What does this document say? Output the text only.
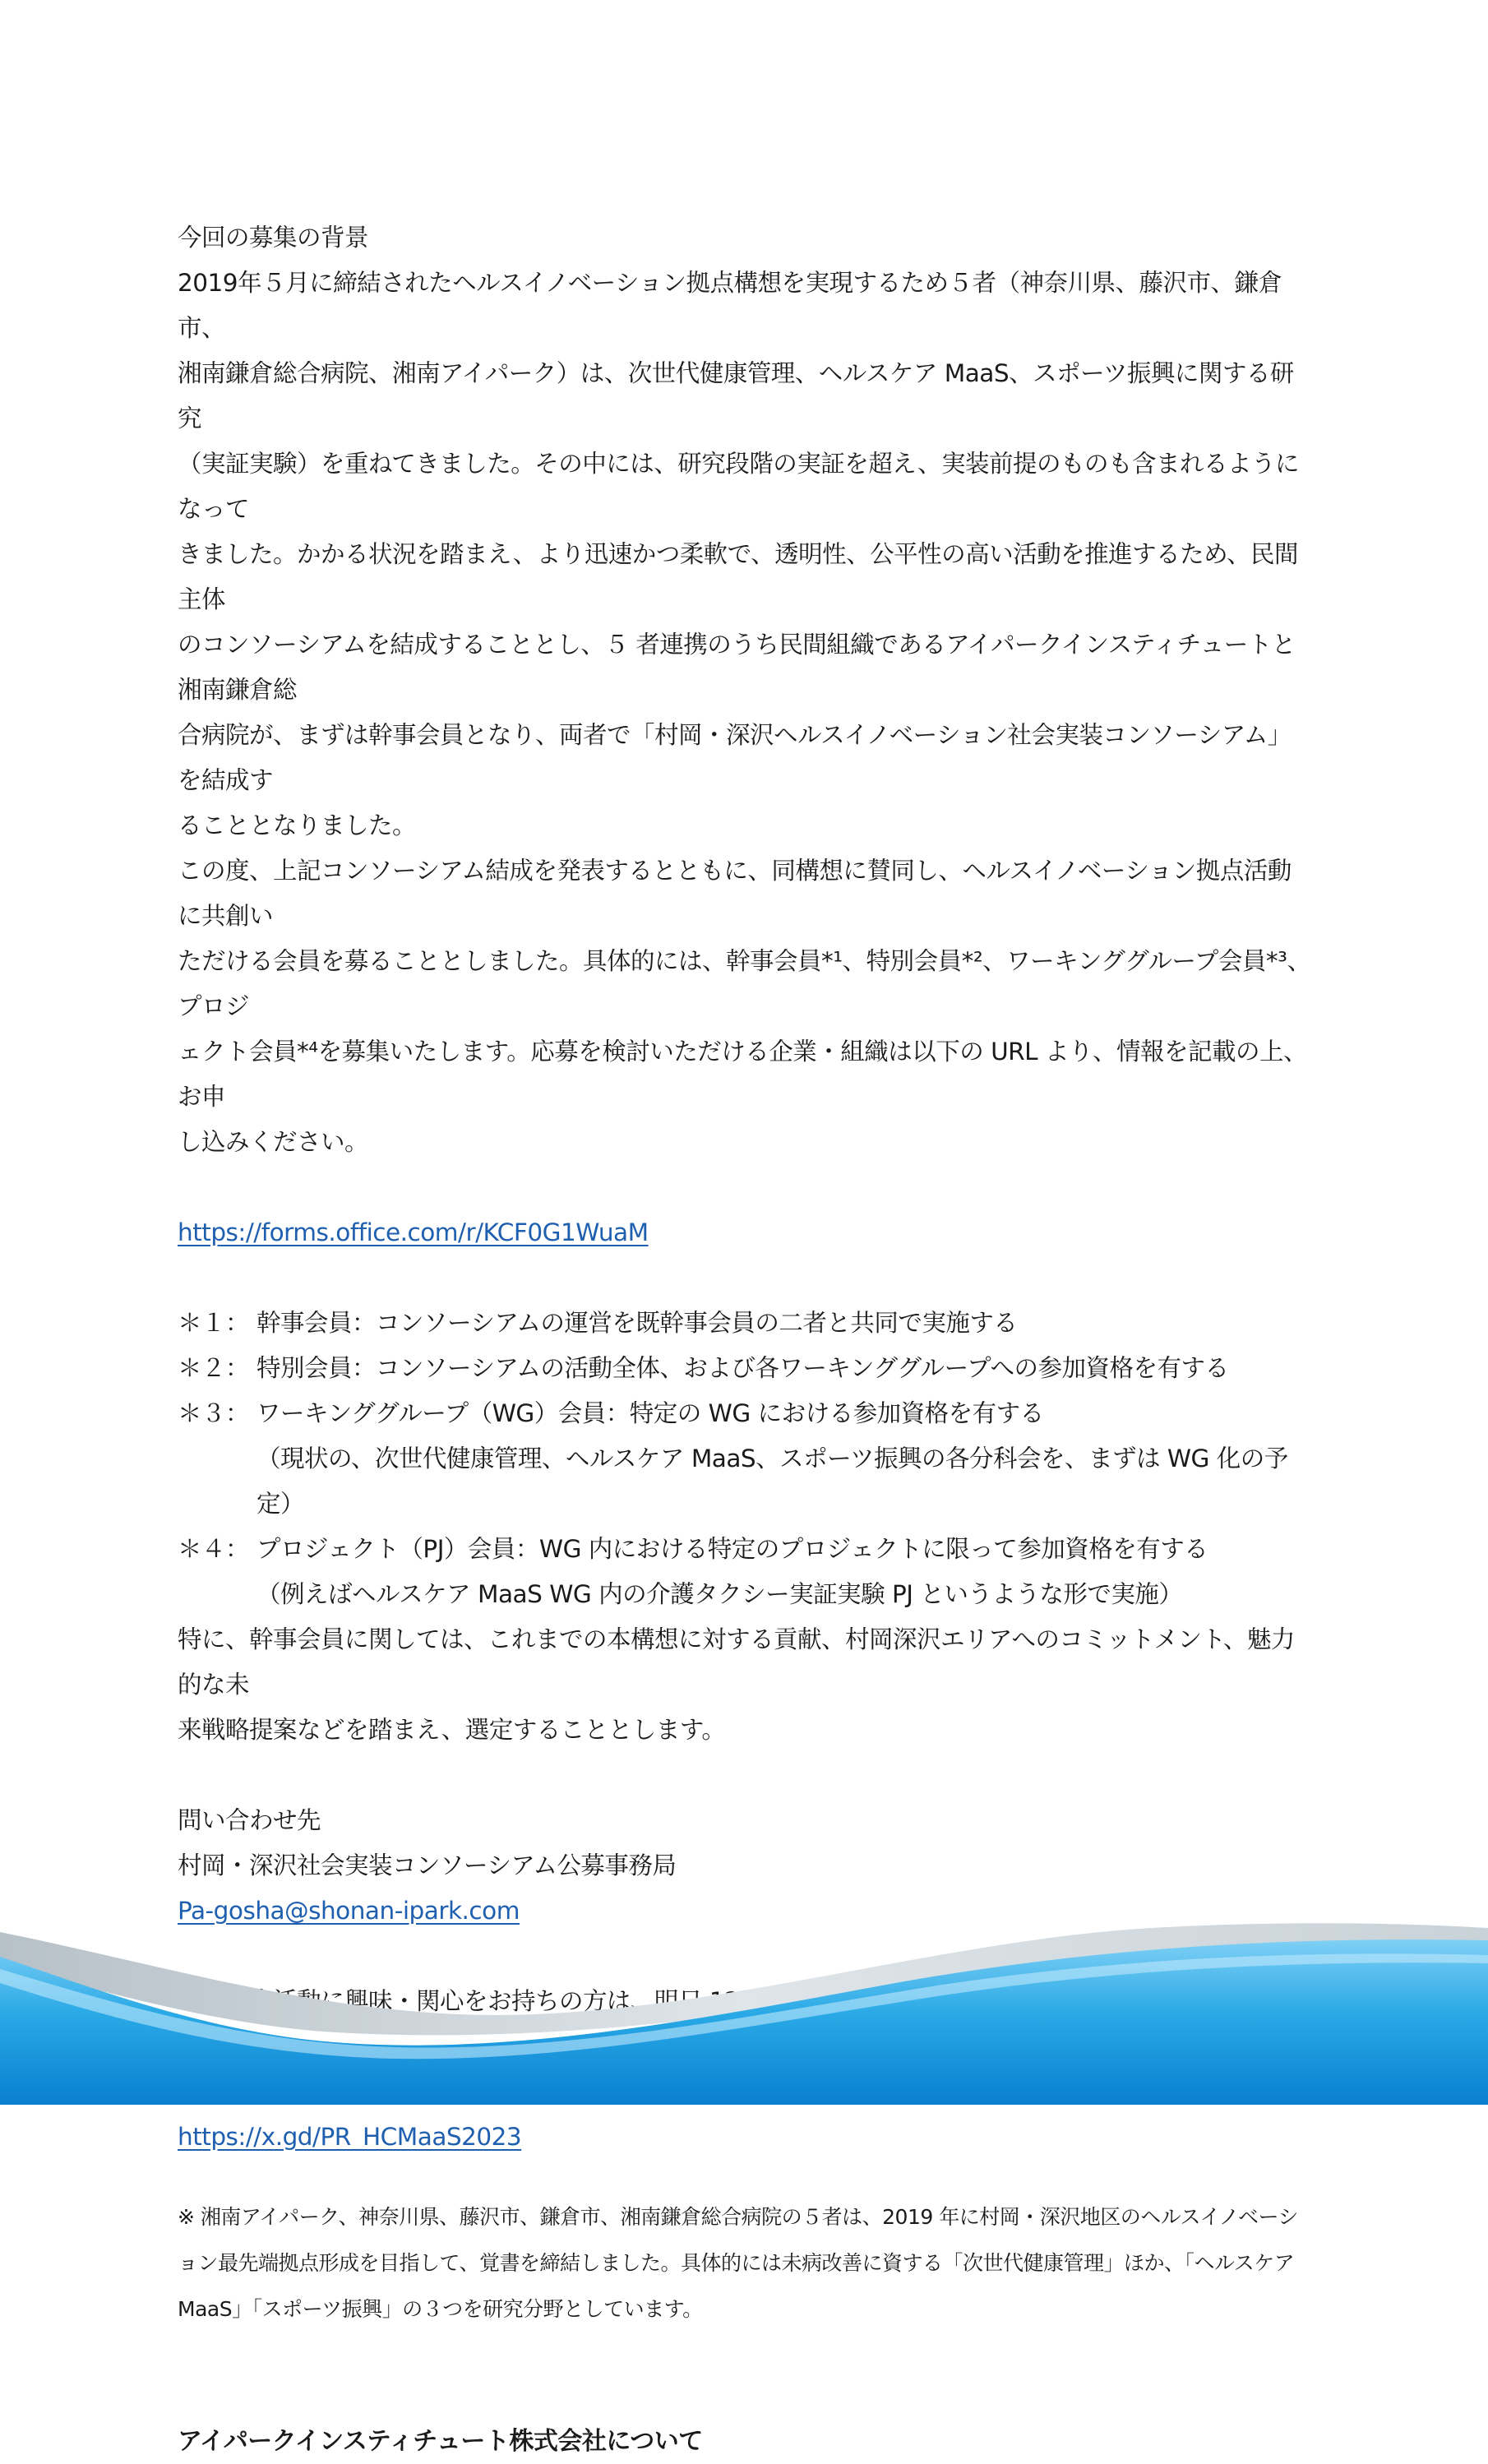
今回の募集の背景

2019年５月に締結されたヘルスイノベーション拠点構想を実現するため５者（神奈川県、藤沢市、鎌倉市、

湘南鎌倉総合病院、湘南アイパーク）は、次世代健康管理、ヘルスケア MaaS、スポーツ振興に関する研究

（実証実験）を重ねてきました。その中には、研究段階の実証を超え、実装前提のものも含まれるようになって

きました。かかる状況を踏まえ、より迅速かつ柔軟で、透明性、公平性の高い活動を推進するため、民間主体

のコンソーシアムを結成することとし、５ 者連携のうち民間組織であるアイパークインスティチュートと湘南鎌倉総

合病院が、まずは幹事会員となり、両者で「村岡・深沢ヘルスイノベーション社会実装コンソーシアム」を結成す

ることとなりました。

この度、上記コンソーシアム結成を発表するとともに、同構想に賛同し、ヘルスイノベーション拠点活動に共創い

ただける会員を募ることとしました。具体的には、幹事会員*¹、特別会員*²、ワーキンググループ会員*³、プロジ

ェクト会員*⁴を募集いたします。応募を検討いただける企業・組織は以下の URL より、情報を記載の上、お申

し込みください。

https://forms.office.com/r/KCF0G1WuaM

＊１： 幹事会員：コンソーシアムの運営を既幹事会員の二者と共同で実施する

＊２： 特別会員：コンソーシアムの活動全体、および各ワーキンググループへの参加資格を有する

＊３： ワーキンググループ（WG）会員：特定の WG における参加資格を有する

（現状の、次世代健康管理、ヘルスケア MaaS、スポーツ振興の各分科会を、まずは WG 化の予定）

＊４： プロジェクト（PJ）会員：WG 内における特定のプロジェクトに限って参加資格を有する

（例えばヘルスケア MaaS WG 内の介護タクシー実証実験 PJ というような形で実施）

特に、幹事会員に関しては、これまでの本構想に対する貢献、村岡深沢エリアへのコミットメント、魅力的な未

来戦略提案などを踏まえ、選定することとします。

問い合わせ先

村岡・深沢社会実装コンソーシアム公募事務局

Pa-gosha@shonan-ipark.com

https://x.gd/PR_HCMaaS2023

※ 湘南アイパーク、神奈川県、藤沢市、鎌倉市、湘南鎌倉総合病院の５者は、2019 年に村岡・深沢地区のヘルスイノベーシ

ョン最先端拠点形成を目指して、覚書を締結しました。具体的には未病改善に資する「次世代健康管理」ほか、「ヘルスケア

MaaS」「スポーツ振興」の３つを研究分野としています。

アイパークインスティチュート株式会社について
